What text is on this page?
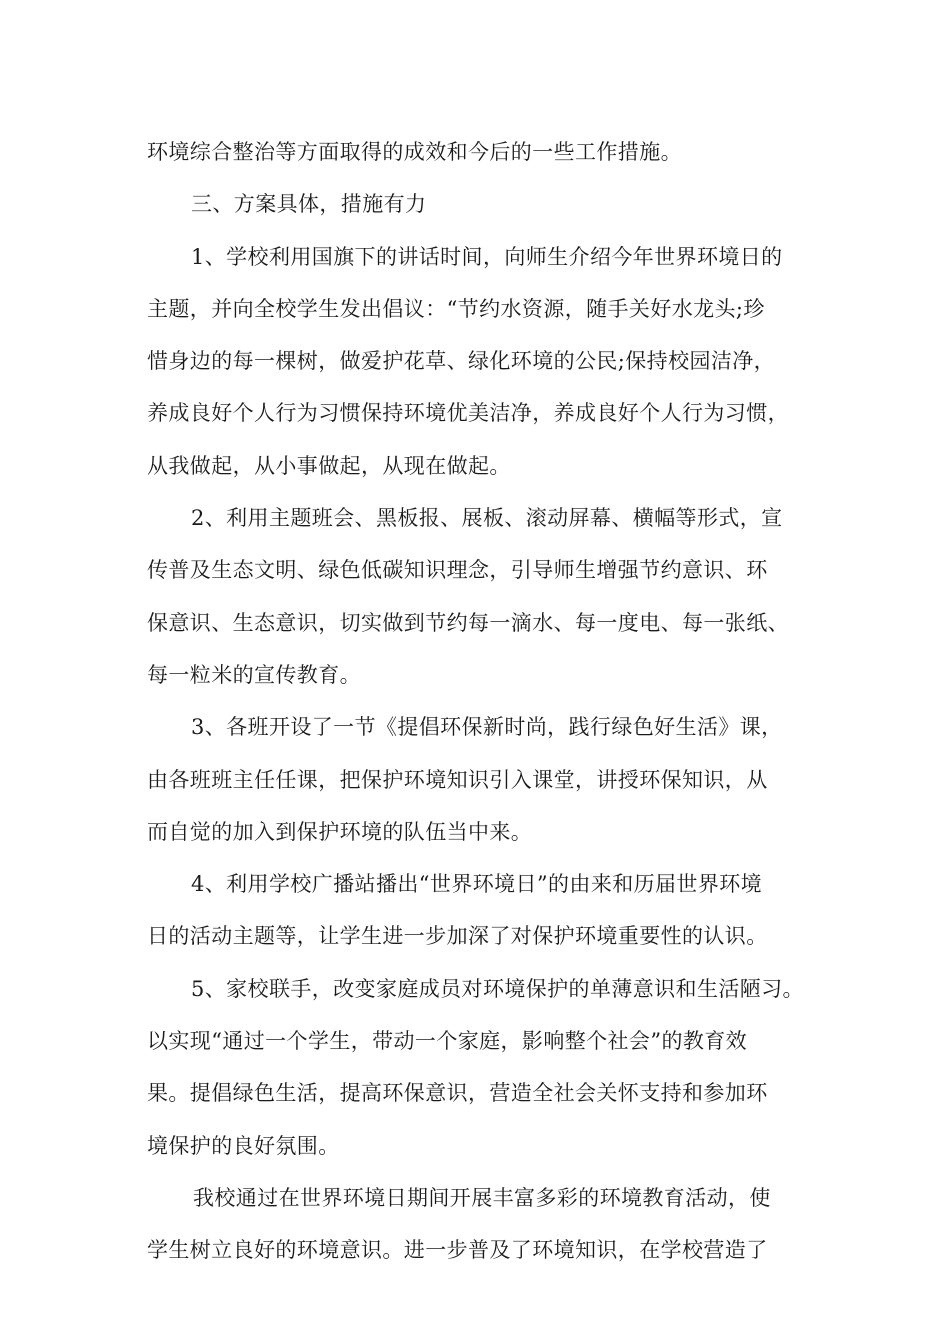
环境综合整治等方面取得的成效和今后的一些工作措施。
三、方案具体，措施有力
1、学校利用国旗下的讲话时间，向师生介绍今年世界环境日的
主题，并向全校学生发出倡议：“节约水资源，随手关好水龙头;珍
惜身边的每一棵树，做爱护花草、绿化环境的公民;保持校园洁净，
养成良好个人行为习惯保持环境优美洁净，养成良好个人行为习惯，
从我做起，从小事做起，从现在做起。
2、利用主题班会、黑板报、展板、滚动屏幕、横幅等形式，宣
传普及生态文明、绿色低碳知识理念，引导师生增强节约意识、环
保意识、生态意识，切实做到节约每一滴水、每一度电、每一张纸、
每一粒米的宣传教育。
3、各班开设了一节《提倡环保新时尚，践行绿色好生活》课，
由各班班主任任课，把保护环境知识引入课堂，讲授环保知识，从
而自觉的加入到保护环境的队伍当中来。
4、利用学校广播站播出“世界环境日”的由来和历届世界环境
日的活动主题等，让学生进一步加深了对保护环境重要性的认识。
5、家校联手，改变家庭成员对环境保护的单薄意识和生活陋习。
以实现“通过一个学生，带动一个家庭，影响整个社会”的教育效
果。提倡绿色生活，提高环保意识，营造全社会关怀支持和参加环
境保护的良好氛围。
我校通过在世界环境日期间开展丰富多彩的环境教育活动，使
学生树立良好的环境意识。进一步普及了环境知识，在学校营造了
